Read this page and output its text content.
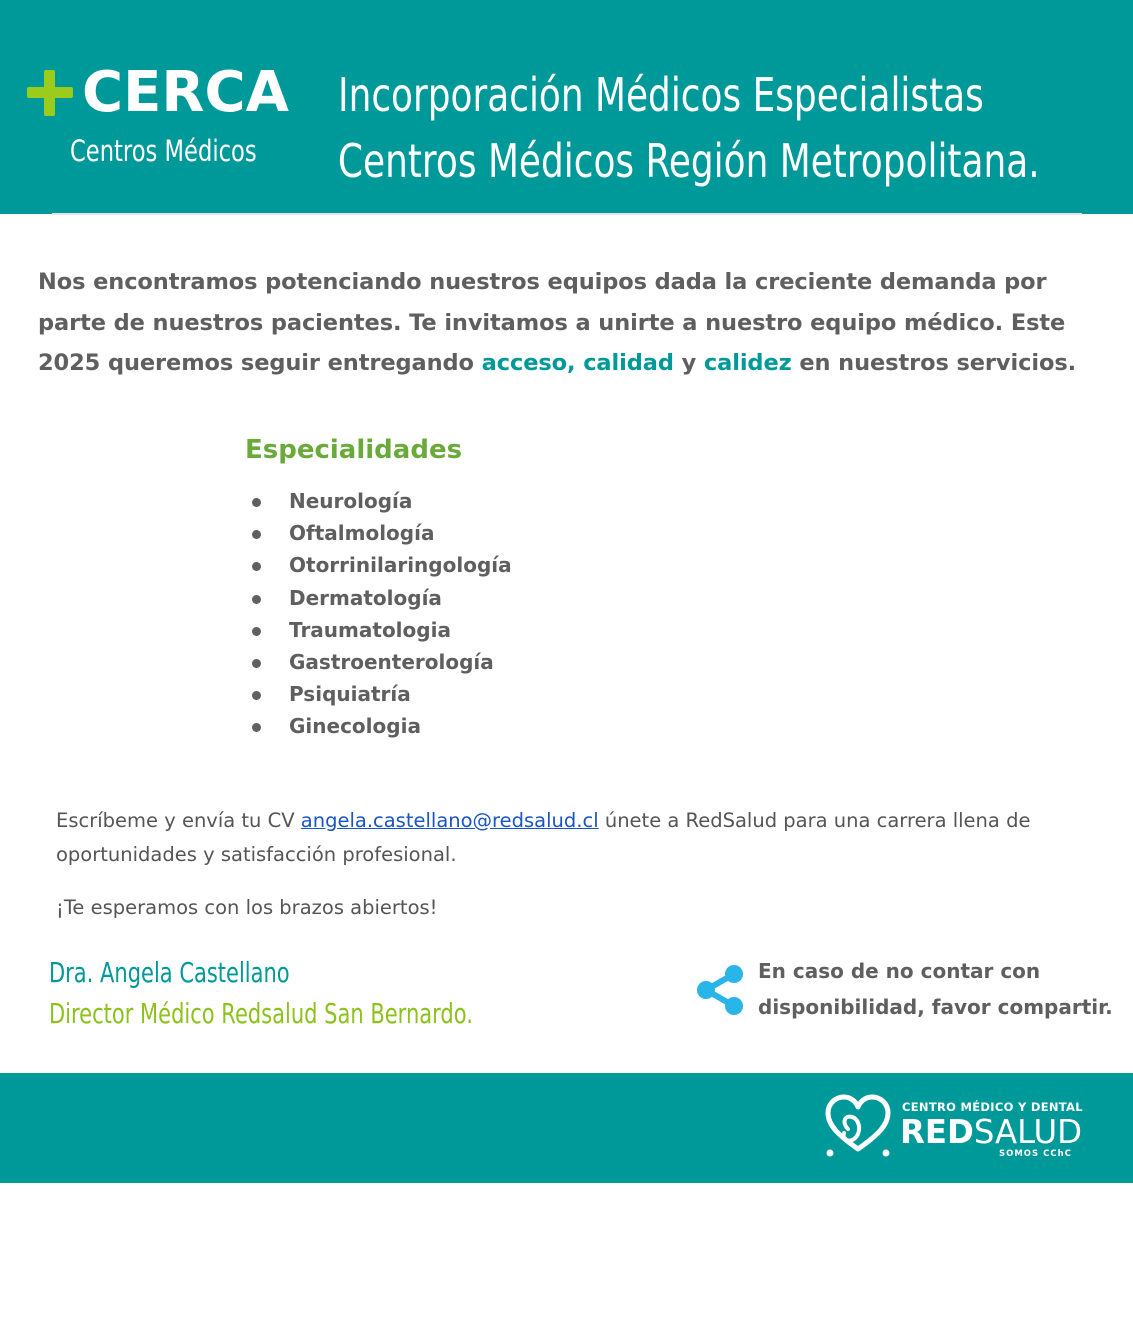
CERCA
Centros Médicos
Incorporación Médicos Especialistas Centros Médicos Región Metropolitana.
Nos encontramos potenciando nuestros equipos dada la creciente demanda por parte de nuestros pacientes. Te invitamos a unirte a nuestro equipo médico. Este 2025 queremos seguir entregando acceso, calidad y calidez en nuestros servicios.
Especialidades
Neurología
Oftalmología
Otorrinilaringología
Dermatología
Traumatologia
Gastroenterología
Psiquiatría
Ginecologia
Escríbeme y envía tu CV angela.castellano@redsalud.cl únete a RedSalud para una carrera llena de oportunidades y satisfacción profesional.
¡Te esperamos con los brazos abiertos!
Dra. Angela Castellano
Director Médico Redsalud San Bernardo.
En caso de no contar con disponibilidad, favor compartir.
CENTRO MÉDICO Y DENTAL
REDSALUD
SOMOS CChC
